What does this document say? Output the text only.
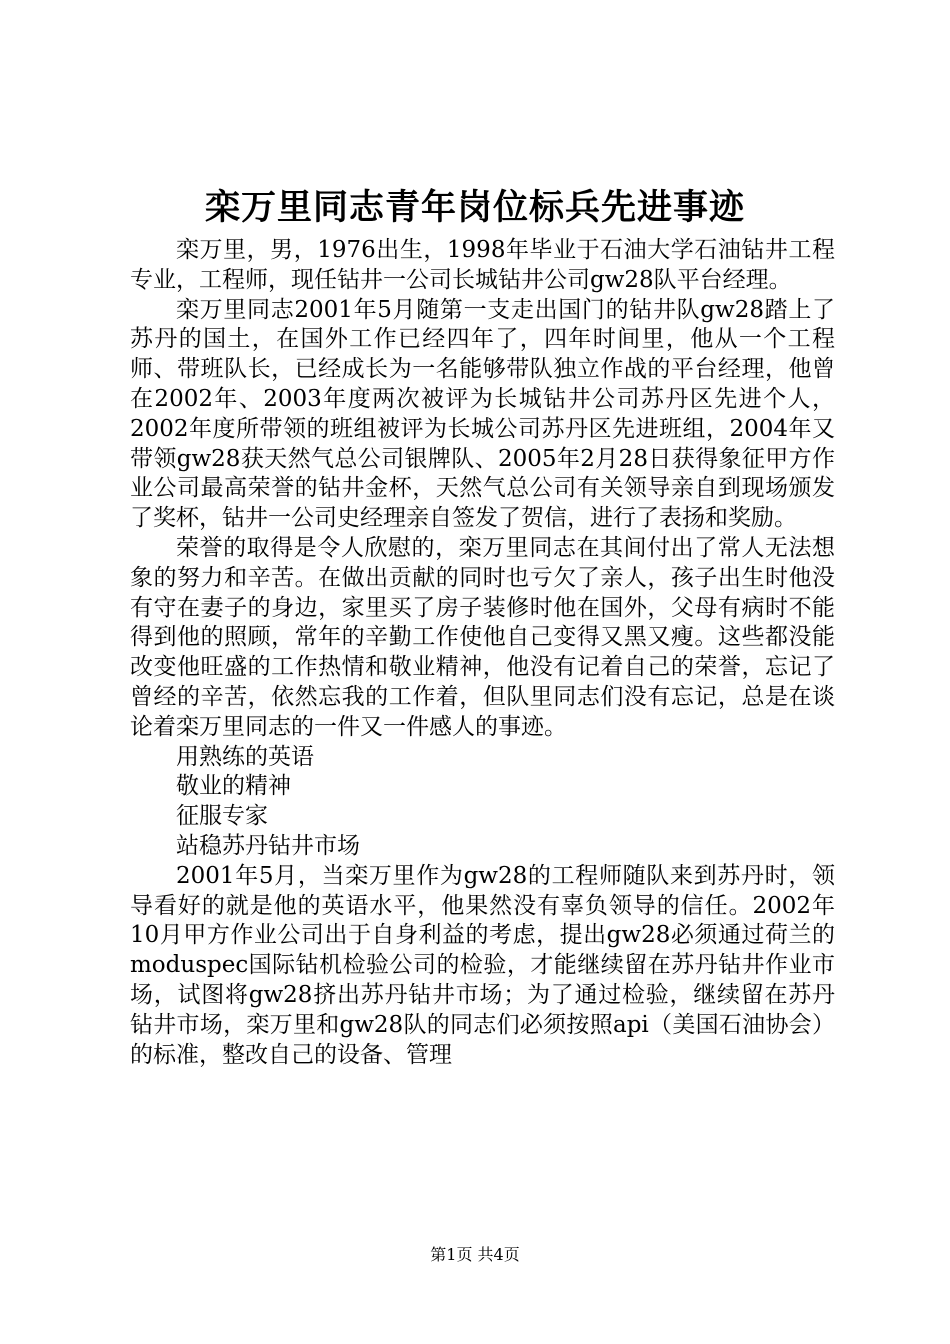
栾万里同志青年岗位标兵先进事迹

栾万里，男，1976出生，1998年毕业于石油大学石油钻井工程专业，工程师，现任钻井一公司长城钻井公司gw28队平台经理。

栾万里同志2001年5月随第一支走出国门的钻井队gw28踏上了苏丹的国土，在国外工作已经四年了，四年时间里，他从一个工程师、带班队长，已经成长为一名能够带队独立作战的平台经理，他曾在2002年、2003年度两次被评为长城钻井公司苏丹区先进个人，2002年度所带领的班组被评为长城公司苏丹区先进班组，2004年又带领gw28获天然气总公司银牌队、2005年2月28日获得象征甲方作业公司最高荣誉的钻井金杯，天然气总公司有关领导亲自到现场颁发了奖杯，钻井一公司史经理亲自签发了贺信，进行了表扬和奖励。

荣誉的取得是令人欣慰的，栾万里同志在其间付出了常人无法想象的努力和辛苦。在做出贡献的同时也亏欠了亲人，孩子出生时他没有守在妻子的身边，家里买了房子装修时他在国外，父母有病时不能得到他的照顾，常年的辛勤工作使他自己变得又黑又瘦。这些都没能改变他旺盛的工作热情和敬业精神，他没有记着自己的荣誉，忘记了曾经的辛苦，依然忘我的工作着，但队里同志们没有忘记，总是在谈论着栾万里同志的一件又一件感人的事迹。

用熟练的英语

敬业的精神

征服专家

站稳苏丹钻井市场

2001年5月，当栾万里作为gw28的工程师随队来到苏丹时，领导看好的就是他的英语水平，他果然没有辜负领导的信任。2002年10月甲方作业公司出于自身利益的考虑，提出gw28必须通过荷兰的moduspec国际钻机检验公司的检验，才能继续留在苏丹钻井作业市场，试图将gw28挤出苏丹钻井市场；为了通过检验，继续留在苏丹钻井市场，栾万里和gw28队的同志们必须按照api（美国石油协会）的标准，整改自己的设备、管理

第1页 共4页
